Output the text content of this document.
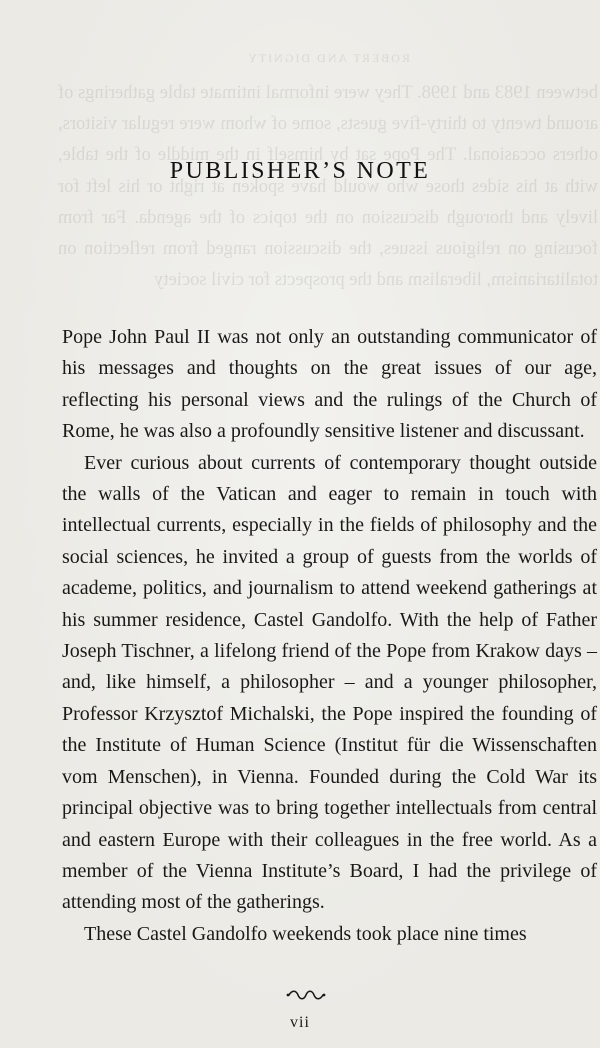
ROBERT AND DIGNITY
between 1983 and 1998. They were informal intimate table gatherings of around twenty to thirty-five guests, some of whom were regular visitors, others occasional. The Pope sat by himself in the middle of the table, with at his sides those who would have spoken at right or his left for lively and thorough discussion on the topics of the agenda. Far from focusing on religious issues, the discussion ranged from reflection on totalitarianism, liberalism and the prospects for civil society
PUBLISHER’S NOTE

Pope John Paul II was not only an outstanding communicator of his messages and thoughts on the great issues of our age, reflecting his personal views and the rulings of the Church of Rome, he was also a profoundly sensitive listener and discussant.

Ever curious about currents of contemporary thought outside the walls of the Vatican and eager to remain in touch with intellectual currents, especially in the fields of philosophy and the social sciences, he invited a group of guests from the worlds of academe, politics, and journalism to attend weekend gatherings at his summer residence, Castel Gandolfo. With the help of Father Joseph Tischner, a lifelong friend of the Pope from Krakow days – and, like himself, a philosopher – and a younger philosopher, Professor Krzysztof Michalski, the Pope inspired the founding of the Institute of Human Science (Institut für die Wissenschaften vom Menschen), in Vienna. Founded during the Cold War its principal objective was to bring together intellectuals from central and eastern Europe with their colleagues in the free world. As a member of the Vienna Institute’s Board, I had the privilege of attending most of the gatherings.

These Castel Gandolfo weekends took place nine times

vii
